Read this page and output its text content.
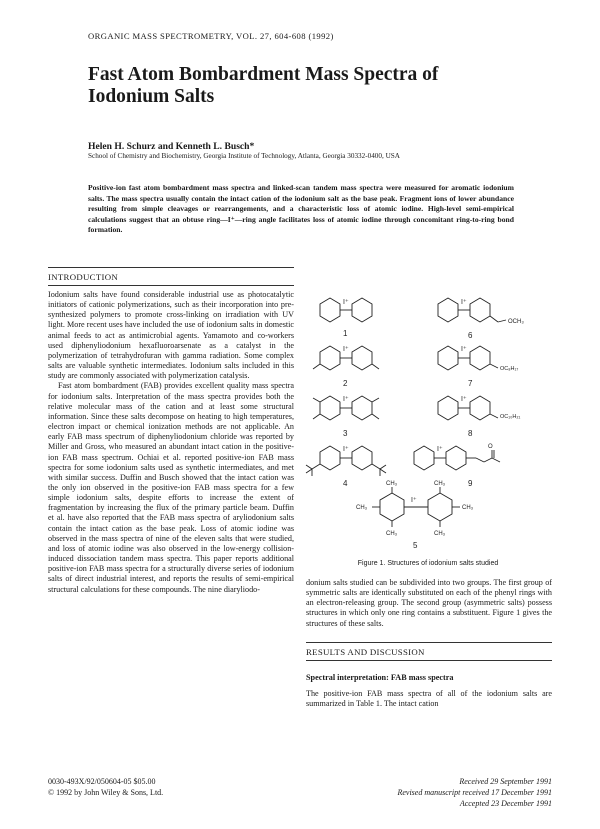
ORGANIC MASS SPECTROMETRY, VOL. 27, 604-608 (1992)
Fast Atom Bombardment Mass Spectra of Iodonium Salts
Helen H. Schurz and Kenneth L. Busch*
School of Chemistry and Biochemistry, Georgia Institute of Technology, Atlanta, Georgia 30332-0400, USA
Positive-ion fast atom bombardment mass spectra and linked-scan tandem mass spectra were measured for aromatic iodonium salts. The mass spectra usually contain the intact cation of the iodonium salt as the base peak. Fragment ions of lower abundance resulting from simple cleavages or rearrangements, and a characteristic loss of atomic iodine. High-level semi-empirical calculations suggest that an obtuse ring—I⁺—ring angle facilitates loss of atomic iodine through concomitant ring-to-ring bond formation.
INTRODUCTION

Iodonium salts have found considerable industrial use as photocatalytic initiators of cationic polymerizations, such as their incorporation into pre-synthesized polymers to promote cross-linking on irradiation with UV light. More recent uses have included the use of iodonium salts in domestic animal feeds to act as antimicrobial agents. Yamamoto and co-workers used diphenyliodonium hexafluoroarsenate as a catalyst in the polymerization of tetrahydrofuran with gamma radiation. Some complex salts are valuable synthetic intermediates. Iodonium salts included in this study are commonly associated with polymerization catalysis.

Fast atom bombardment (FAB) provides excellent quality mass spectra for iodonium salts. Interpretation of the mass spectra provides both the relative molecular mass of the cation and at least some structural information. Since these salts decompose on heating to high temperatures, electron impact or chemical ionization methods are not applicable. An early FAB mass spectrum of diphenyliodonium chloride was reported by Miller and Gross, who measured an abundant intact cation in the positive-ion FAB mass spectrum. Ochiai et al. reported positive-ion FAB mass spectra for some iodonium salts used as synthetic intermediates, and met with similar success. Duffin and Busch showed that the intact cation was the only ion observed in the positive-ion FAB mass spectra for a few simple iodonium salts, despite efforts to increase the extent of fragmentation by increasing the flux of the primary particle beam. Duffin et al. have also reported that the FAB mass spectra of aryliodonium salts contain the intact cation as the base peak. Loss of atomic iodine was observed in the mass spectra of nine of the eleven salts that were studied, and loss of atomic iodine was also observed in the low-energy collision-induced dissociation tandem mass spectra. This paper reports additional positive-ion FAB mass spectra for a structurally diverse series of iodonium salts of direct industrial interest, and reports the results of semi-empirical structural calculations for these compounds. The nine diaryliodo-

I⁺
1
OCH₃
I⁺
6
I⁺
2
OC₈H₁₇
I⁺
7
I⁺
3
OC₁₀H₂₁
I⁺
8
I⁺
4
O
I⁺
9
CH₃
CH₃
CH₃
CH₃
CH₃
CH₃
I⁺
5
Figure 1. Structures of iodonium salts studied
donium salts studied can be subdivided into two groups. The first group of symmetric salts are identically substituted on each of the phenyl rings with an electron-releasing group. The second group (asymmetric salts) possess structures in which only one ring contains a substituent. Figure 1 gives the structures of these salts.
RESULTS AND DISCUSSION
Spectral interpretation: FAB mass spectra
The positive-ion FAB mass spectra of all of the iodonium salts are summarized in Table 1. The intact cation
0030-493X/92/050604-05 $05.00
© 1992 by John Wiley & Sons, Ltd.
Received 29 September 1991
Revised manuscript received 17 December 1991
Accepted 23 December 1991
